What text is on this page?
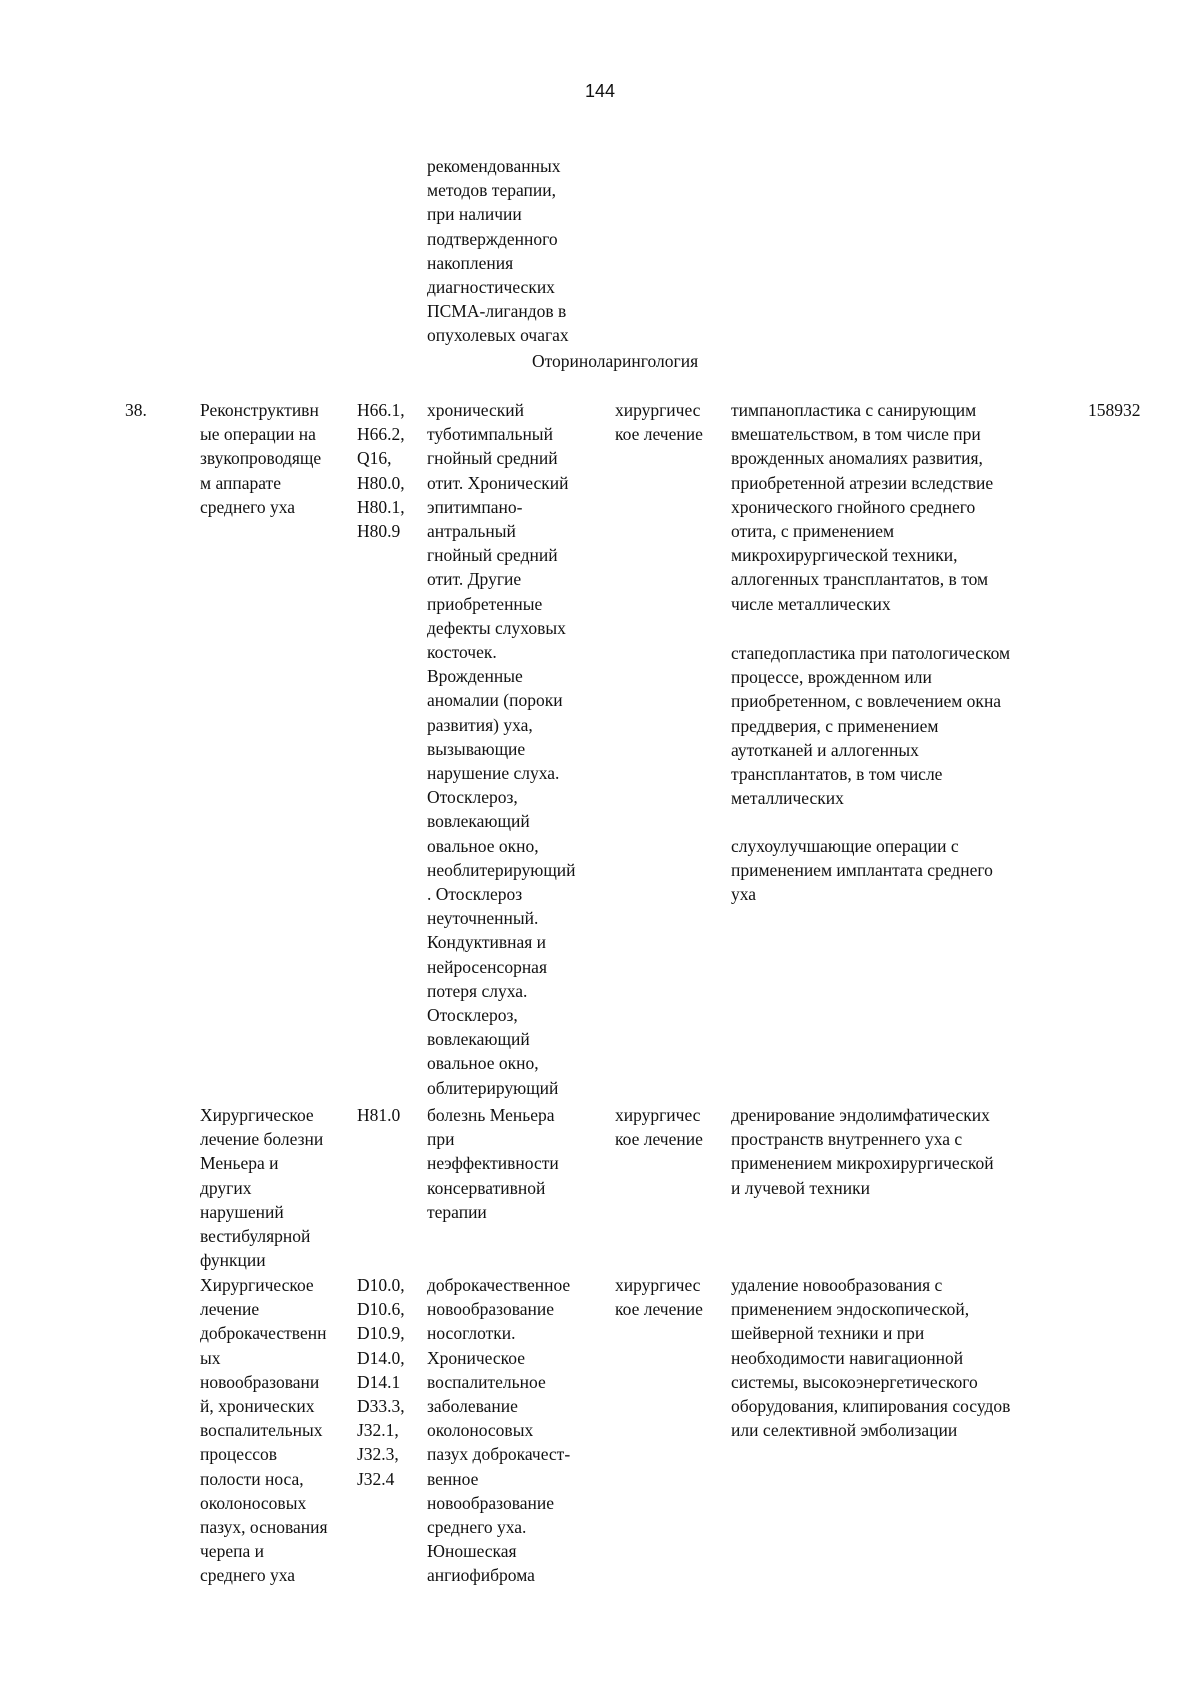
144
рекомендованных
методов терапии,
при наличии
подтвержденного
накопления
диагностических
ПСМА-лигандов в
опухолевых очагах
Оториноларингология
38.	Реконструктивн
ые операции на
звукопроводяще
м аппарате
среднего уха
H66.1,
H66.2,
Q16,
H80.0,
H80.1,
H80.9
хронический
туботимпальный
гнойный средний
отит. Хронический
эпитимпано-
антральный
гнойный средний
отит. Другие
приобретенные
дефекты слуховых
косточек.
Врожденные
аномалии (пороки
развития) уха,
вызывающие
нарушение слуха.
Отосклероз,
вовлекающий
овальное окно,
необлитерирующий
. Отосклероз
неуточненный.
Кондуктивная и
нейросенсорная
потеря слуха.
Отосклероз,
вовлекающий
овальное окно,
облитерирующий
хирургичес
кое лечение
тимпанопластика с санирующим
вмешательством, в том числе при
врожденных аномалиях развития,
приобретенной атрезии вследствие
хронического гнойного среднего
отита, с применением
микрохирургической техники,
аллогенных трансплантатов, в том
числе металлических
стапедопластика при патологическом
процессе, врожденном или
приобретенном, с вовлечением окна
преддверия, с применением
аутотканей и аллогенных
трансплантатов, в том числе
металлических
слухоулучшающие операции с
применением имплантата среднего
уха
158932
Хирургическое
лечение болезни
Меньера и
других
нарушений
вестибулярной
функции
H81.0 болезнь Меньера
при
неэффективности
консервативной
терапии
хирургичес
кое лечение
дренирование эндолимфатических
пространств внутреннего уха с
применением микрохирургической
и лучевой техники
Хирургическое
лечение
доброкачественн
ых
новообразовани
й, хронических
воспалительных
процессов
полости носа,
околоносовых
пазух, основания
черепа и
среднего уха
D10.0,
D10.6,
D10.9,
D14.0,
D14.1
D33.3,
J32.1,
J32.3,
J32.4
доброкачественное
новообразование
носоглотки.
Хроническое
воспалительное
заболевание
околоносовых
пазух доброкачест-
венное
новообразование
среднего уха.
Юношеская
ангиофиброма
хирургичес
кое лечение
удаление новообразования с
применением эндоскопической,
шейверной техники и при
необходимости навигационной
системы, высокоэнергетического
оборудования, клипирования сосудов
или селективной эмболизации
